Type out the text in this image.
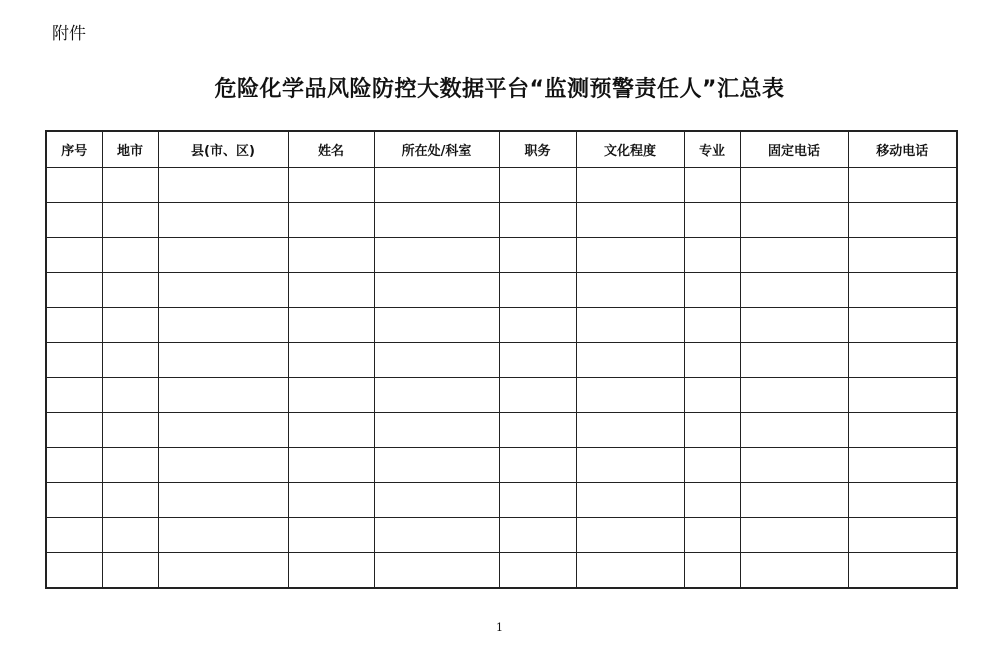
附件
危险化学品风险防控大数据平台“监测预警责任人”汇总表
序号	地市	县(市、区)	姓名	所在处/科室	职务	文化程度	专业	固定电话	移动电话

1
